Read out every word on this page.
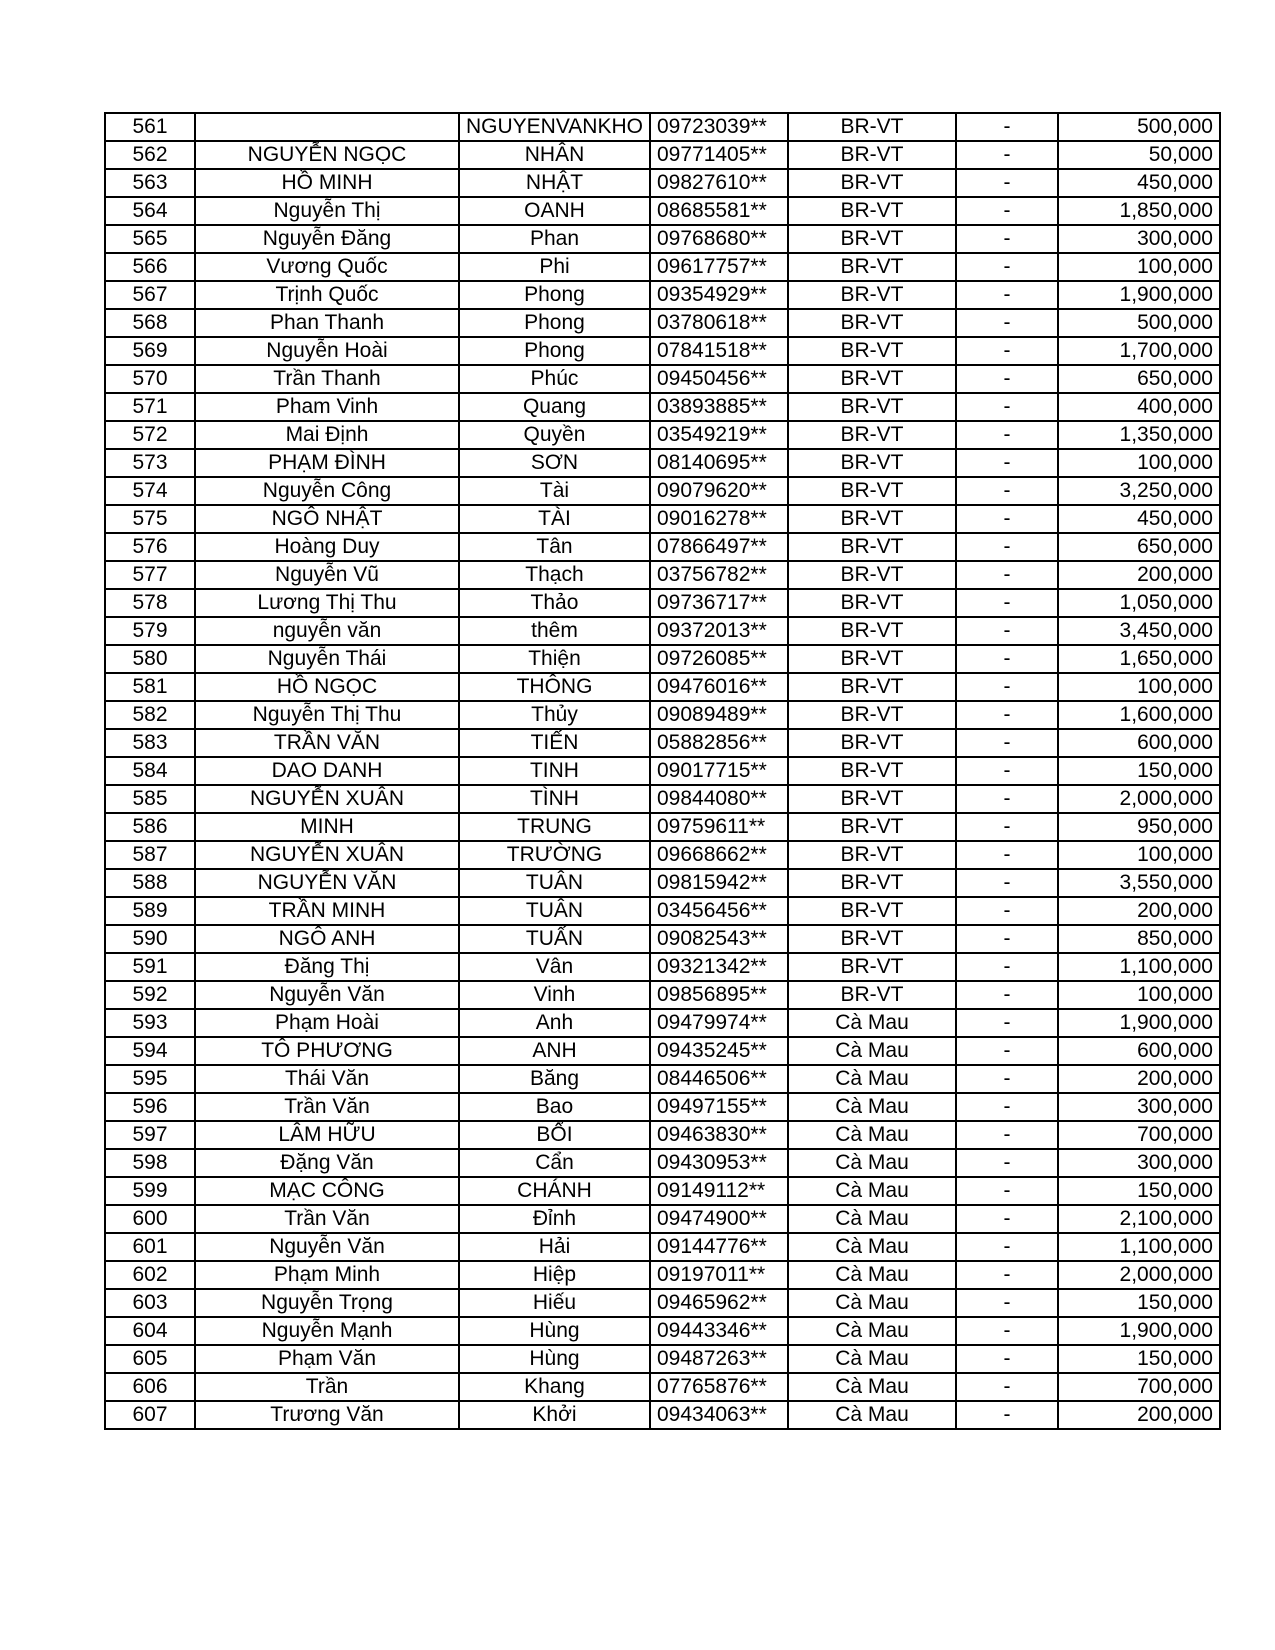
561		NGUYENVANKHO	09723039**	BR-VT	-	500,000
562	NGUYỄN NGỌC	NHÂN	09771405**	BR-VT	-	50,000
563	HỒ MINH	NHẬT	09827610**	BR-VT	-	450,000
564	Nguyễn Thị	OANH	08685581**	BR-VT	-	1,850,000
565	Nguyễn Đăng	Phan	09768680**	BR-VT	-	300,000
566	Vương Quốc	Phi	09617757**	BR-VT	-	100,000
567	Trịnh Quốc	Phong	09354929**	BR-VT	-	1,900,000
568	Phan Thanh	Phong	03780618**	BR-VT	-	500,000
569	Nguyễn Hoài	Phong	07841518**	BR-VT	-	1,700,000
570	Trần Thanh	Phúc	09450456**	BR-VT	-	650,000
571	Pham Vinh	Quang	03893885**	BR-VT	-	400,000
572	Mai Định	Quyền	03549219**	BR-VT	-	1,350,000
573	PHẠM ĐÌNH	SƠN	08140695**	BR-VT	-	100,000
574	Nguyễn Công	Tài	09079620**	BR-VT	-	3,250,000
575	NGÔ NHẬT	TÀI	09016278**	BR-VT	-	450,000
576	Hoàng Duy	Tân	07866497**	BR-VT	-	650,000
577	Nguyễn Vũ	Thạch	03756782**	BR-VT	-	200,000
578	Lương Thị Thu	Thảo	09736717**	BR-VT	-	1,050,000
579	nguyễn văn	thêm	09372013**	BR-VT	-	3,450,000
580	Nguyễn Thái	Thiện	09726085**	BR-VT	-	1,650,000
581	HỒ NGỌC	THÔNG	09476016**	BR-VT	-	100,000
582	Nguyễn Thị Thu	Thủy	09089489**	BR-VT	-	1,600,000
583	TRẦN VĂN	TIẾN	05882856**	BR-VT	-	600,000
584	DAO DANH	TINH	09017715**	BR-VT	-	150,000
585	NGUYỄN XUÂN	TÌNH	09844080**	BR-VT	-	2,000,000
586	MINH	TRUNG	09759611**	BR-VT	-	950,000
587	NGUYỄN XUÂN	TRƯỜNG	09668662**	BR-VT	-	100,000
588	NGUYỄN VĂN	TUÂN	09815942**	BR-VT	-	3,550,000
589	TRẦN MINH	TUÂN	03456456**	BR-VT	-	200,000
590	NGÔ ANH	TUẤN	09082543**	BR-VT	-	850,000
591	Đăng Thị	Vân	09321342**	BR-VT	-	1,100,000
592	Nguyễn Văn	Vinh	09856895**	BR-VT	-	100,000
593	Phạm Hoài	Anh	09479974**	Cà Mau	-	1,900,000
594	TÔ PHƯƠNG	ANH	09435245**	Cà Mau	-	600,000
595	Thái Văn	Băng	08446506**	Cà Mau	-	200,000
596	Trần Văn	Bao	09497155**	Cà Mau	-	300,000
597	LÂM HỮU	BỔI	09463830**	Cà Mau	-	700,000
598	Đặng Văn	Cẩn	09430953**	Cà Mau	-	300,000
599	MẠC CÔNG	CHÁNH	09149112**	Cà Mau	-	150,000
600	Trần Văn	Đỉnh	09474900**	Cà Mau	-	2,100,000
601	Nguyễn Văn	Hải	09144776**	Cà Mau	-	1,100,000
602	Phạm Minh	Hiệp	09197011**	Cà Mau	-	2,000,000
603	Nguyễn Trọng	Hiếu	09465962**	Cà Mau	-	150,000
604	Nguyễn Mạnh	Hùng	09443346**	Cà Mau	-	1,900,000
605	Phạm Văn	Hùng	09487263**	Cà Mau	-	150,000
606	Trần	Khang	07765876**	Cà Mau	-	700,000
607	Trương Văn	Khởi	09434063**	Cà Mau	-	200,000
